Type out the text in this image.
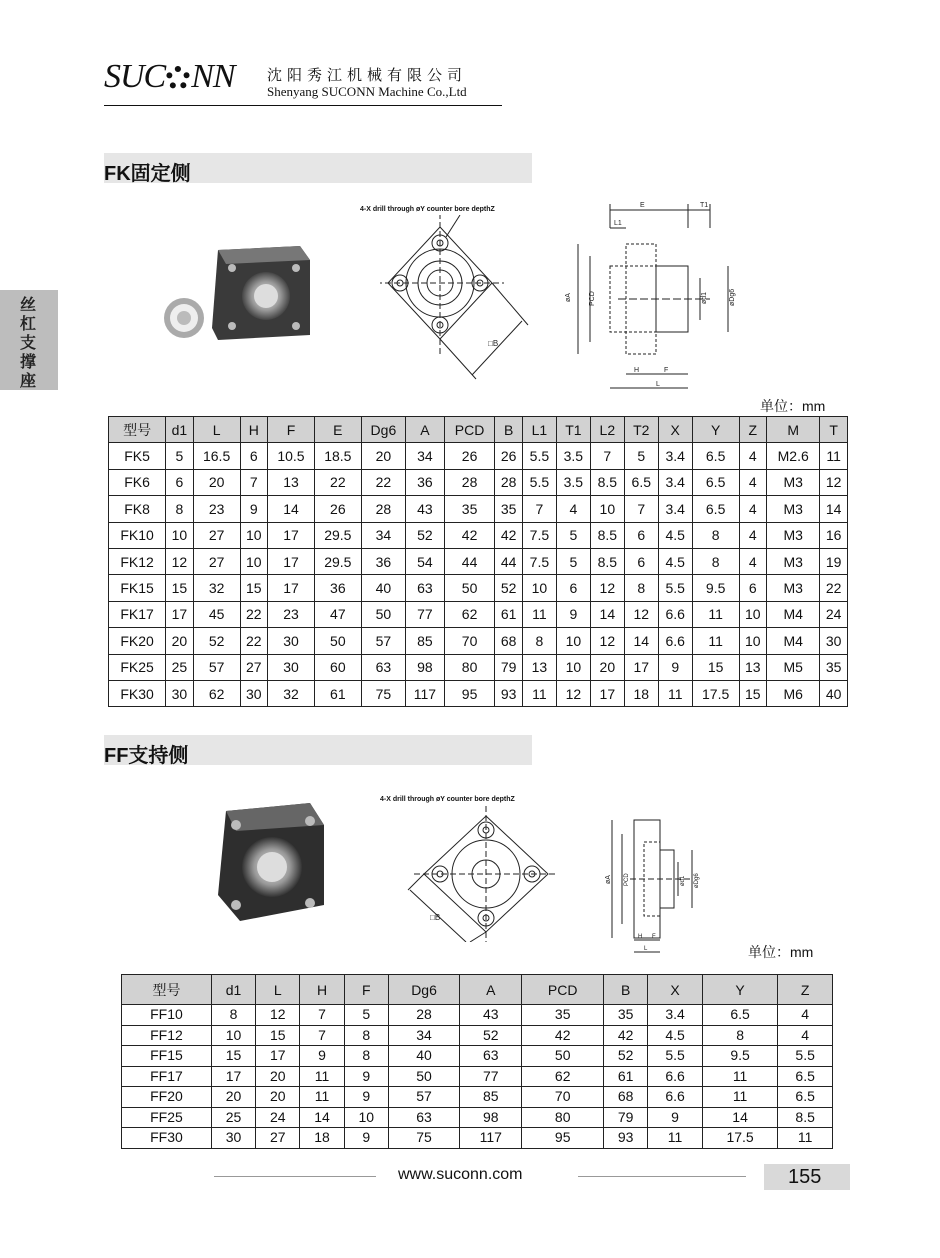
SUC NN 沈阳秀江机械有限公司
Shenyang SUCONN Machine Co.,Ltd
丝杠支撑座
FK固定侧
4-X drill through øY counter bore depthZ
□B
E	T1
L1
øA PCD	ød1	øDg6
H	F
L
单位：mm
型号	d1	L	H	F	E	Dg6	A	PCD	B	L1	T1	L2	T2	X	Y	Z	M	T
FK5	5	16.5	6	10.5	18.5	20	34	26	26	5.5	3.5	7	5	3.4	6.5	4	M2.6	11
FK6	6	20	7	13	22	22	36	28	28	5.5	3.5	8.5	6.5	3.4	6.5	4	M3	12
FK8	8	23	9	14	26	28	43	35	35	7	4	10	7	3.4	6.5	4	M3	14
FK10	10	27	10	17	29.5	34	52	42	42	7.5	5	8.5	6	4.5	8	4	M3	16
FK12	12	27	10	17	29.5	36	54	44	44	7.5	5	8.5	6	4.5	8	4	M3	19
FK15	15	32	15	17	36	40	63	50	52	10	6	12	8	5.5	9.5	6	M3	22
FK17	17	45	22	23	47	50	77	62	61	11	9	14	12	6.6	11	10	M4	24
FK20	20	52	22	30	50	57	85	70	68	8	10	12	14	6.6	11	10	M4	30
FK25	25	57	27	30	60	63	98	80	79	13	10	20	17	9	15	13	M5	35
FK30	30	62	30	32	61	75	117	95	93	11	12	17	18	11	17.5	15	M6	40
FF支持侧
4-X drill through øY counter bore depthZ
□B
øA PCD	ød1 øDg6
H F
L	单位：mm
型号	d1	L	H	F	Dg6	A	PCD	B	X	Y	Z
FF10	8	12	7	5	28	43	35	35	3.4	6.5	4
FF12	10	15	7	8	34	52	42	42	4.5	8	4
FF15	15	17	9	8	40	63	50	52	5.5	9.5	5.5
FF17	17	20	11	9	50	77	62	61	6.6	11	6.5
FF20	20	20	11	9	57	85	70	68	6.6	11	6.5
FF25	25	24	14	10	63	98	80	79	9	14	8.5
FF30	30	27	18	9	75	117	95	93	11	17.5	11
www.suconn.com	155
